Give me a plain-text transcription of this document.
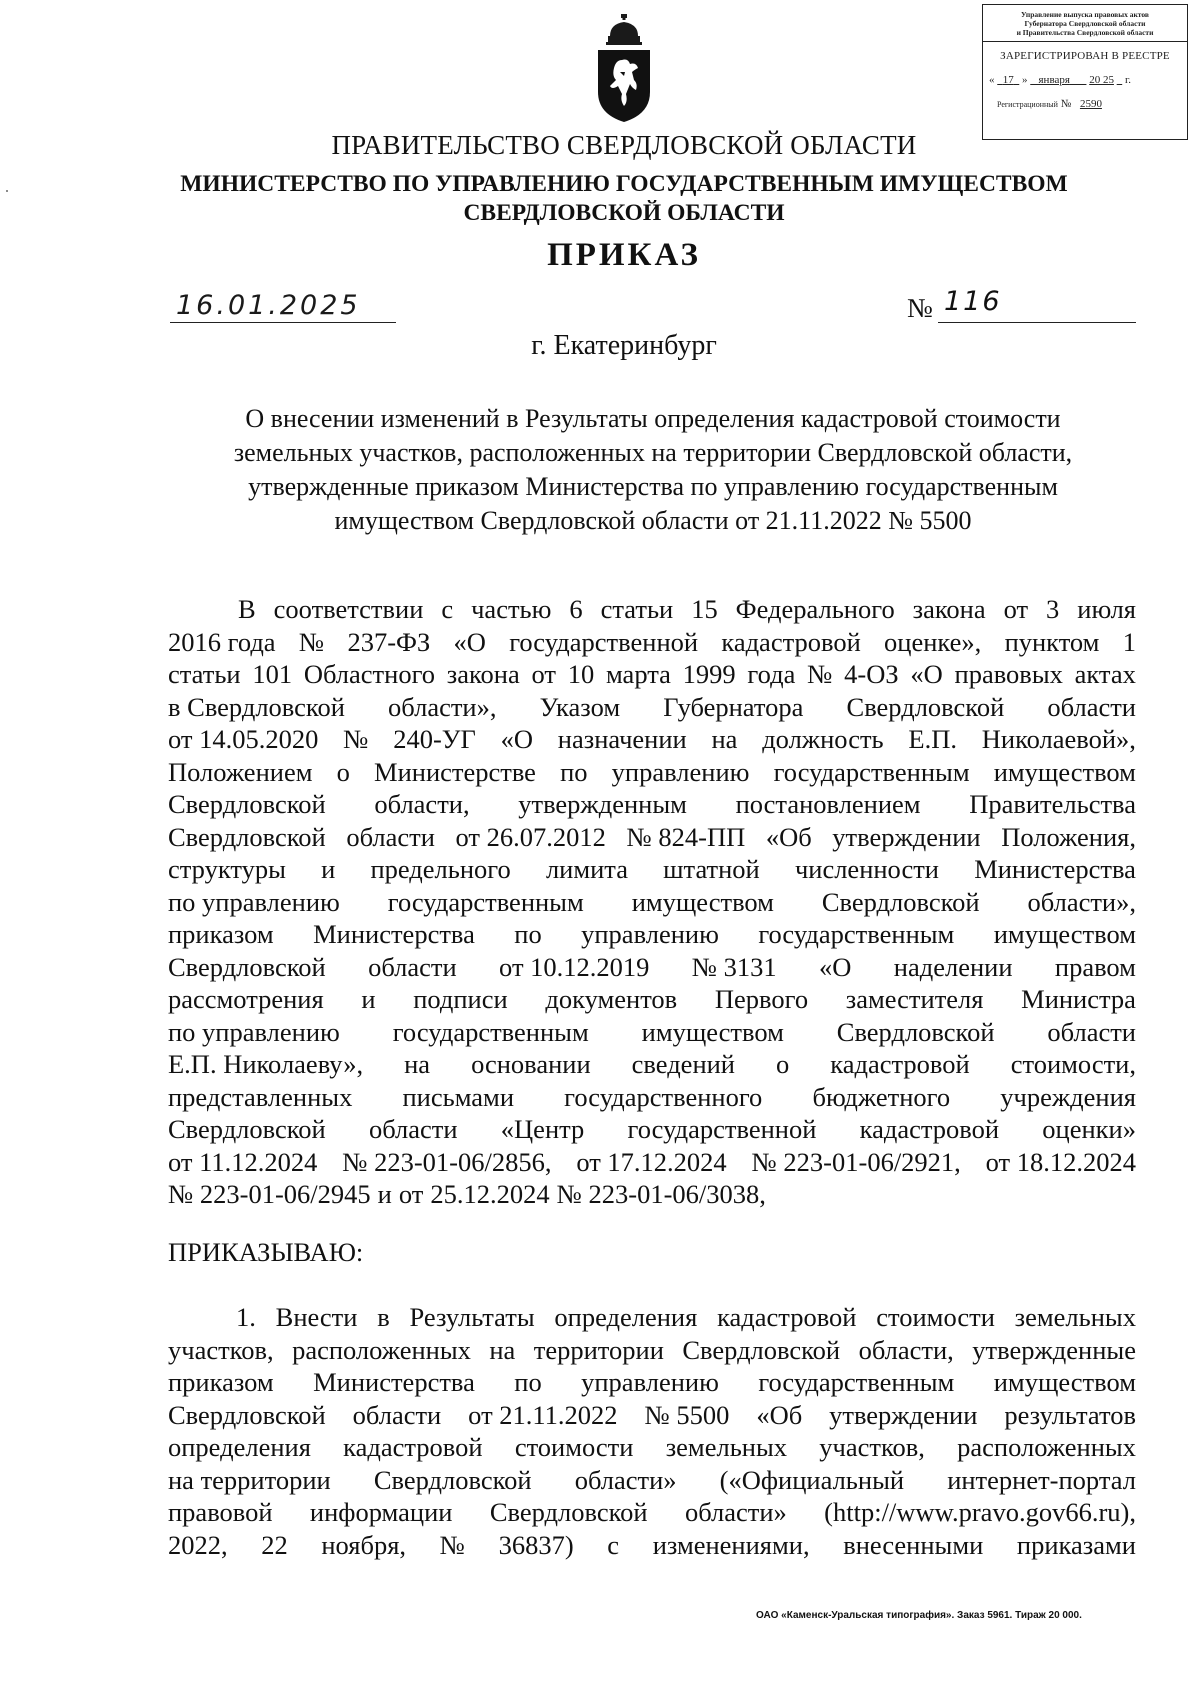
Управление выпуска правовых актов
Губернатора Свердловской области
и Правительства Свердловской области
ЗАРЕГИСТРИРОВАН В РЕЕСТРЕ
« 17 » января 20 25 г.
Регистрационный № 2590
ПРАВИТЕЛЬСТВО СВЕРДЛОВСКОЙ ОБЛАСТИ
МИНИСТЕРСТВО ПО УПРАВЛЕНИЮ ГОСУДАРСТВЕННЫМ ИМУЩЕСТВОМ
СВЕРДЛОВСКОЙ ОБЛАСТИ
ПРИКАЗ
16.01.2025	№ 116
г. Екатеринбург
О внесении изменений в Результаты определения кадастровой стоимости
земельных участков, расположенных на территории Свердловской области,
утвержденные приказом Министерства по управлению государственным
имуществом Свердловской области от 21.11.2022 № 5500
В соответствии с частью 6 статьи 15 Федерального закона от 3 июля
2016 года № 237-ФЗ «О государственной кадастровой оценке», пунктом 1
статьи 101 Областного закона от 10 марта 1999 года № 4-ОЗ «О правовых актах
в Свердловской области», Указом Губернатора Свердловской области
от 14.05.2020 № 240-УГ «О назначении на должность Е.П. Николаевой»,
Положением о Министерстве по управлению государственным имуществом
Свердловской области, утвержденным постановлением Правительства
Свердловской области от 26.07.2012 № 824-ПП «Об утверждении Положения,
структуры и предельного лимита штатной численности Министерства
по управлению государственным имуществом Свердловской области»,
приказом Министерства по управлению государственным имуществом
Свердловской области от 10.12.2019 № 3131 «О наделении правом
рассмотрения и подписи документов Первого заместителя Министра
по управлению государственным имуществом Свердловской области
Е.П. Николаеву», на основании сведений о кадастровой стоимости,
представленных письмами государственного бюджетного учреждения
Свердловской области «Центр государственной кадастровой оценки»
от 11.12.2024 № 223-01-06/2856, от 17.12.2024 № 223-01-06/2921, от 18.12.2024
№ 223-01-06/2945 и от 25.12.2024 № 223-01-06/3038,
ПРИКАЗЫВАЮ:
1. Внести в Результаты определения кадастровой стоимости земельных
участков, расположенных на территории Свердловской области, утвержденные
приказом Министерства по управлению государственным имуществом
Свердловской области от 21.11.2022 № 5500 «Об утверждении результатов
определения кадастровой стоимости земельных участков, расположенных
на территории Свердловской области» («Официальный интернет-портал
правовой информации Свердловской области» (http://www.pravo.gov66.ru),
2022, 22 ноября, № 36837) с изменениями, внесенными приказами
ОАО «Каменск-Уральская типография». Заказ 5961. Тираж 20 000.
